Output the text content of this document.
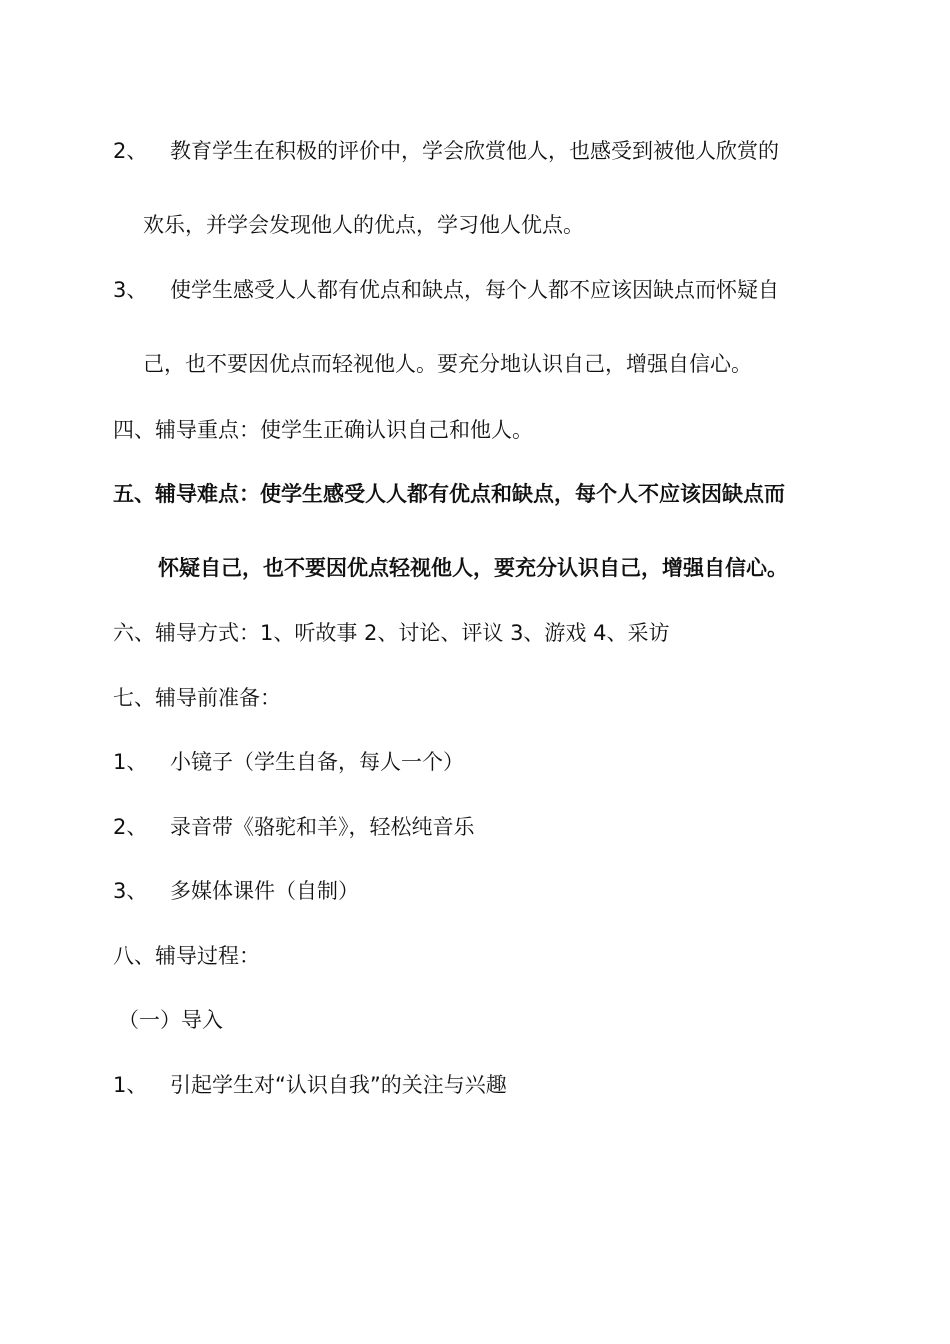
2、 教育学生在积极的评价中，学会欣赏他人，也感受到被他人欣赏的
欢乐，并学会发现他人的优点，学习他人优点。
3、 使学生感受人人都有优点和缺点，每个人都不应该因缺点而怀疑自
己，也不要因优点而轻视他人。要充分地认识自己，增强自信心。
四、辅导重点：使学生正确认识自己和他人。
五、辅导难点：使学生感受人人都有优点和缺点，每个人不应该因缺点而
怀疑自己，也不要因优点轻视他人，要充分认识自己，增强自信心。
六、辅导方式：1、听故事 2、讨论、评议 3、游戏 4、采访
七、辅导前准备：
1、 小镜子（学生自备，每人一个）
2、 录音带《骆驼和羊》，轻松纯音乐
3、 多媒体课件（自制）
八、辅导过程：
（一）导入
1、 引起学生对“认识自我”的关注与兴趣
